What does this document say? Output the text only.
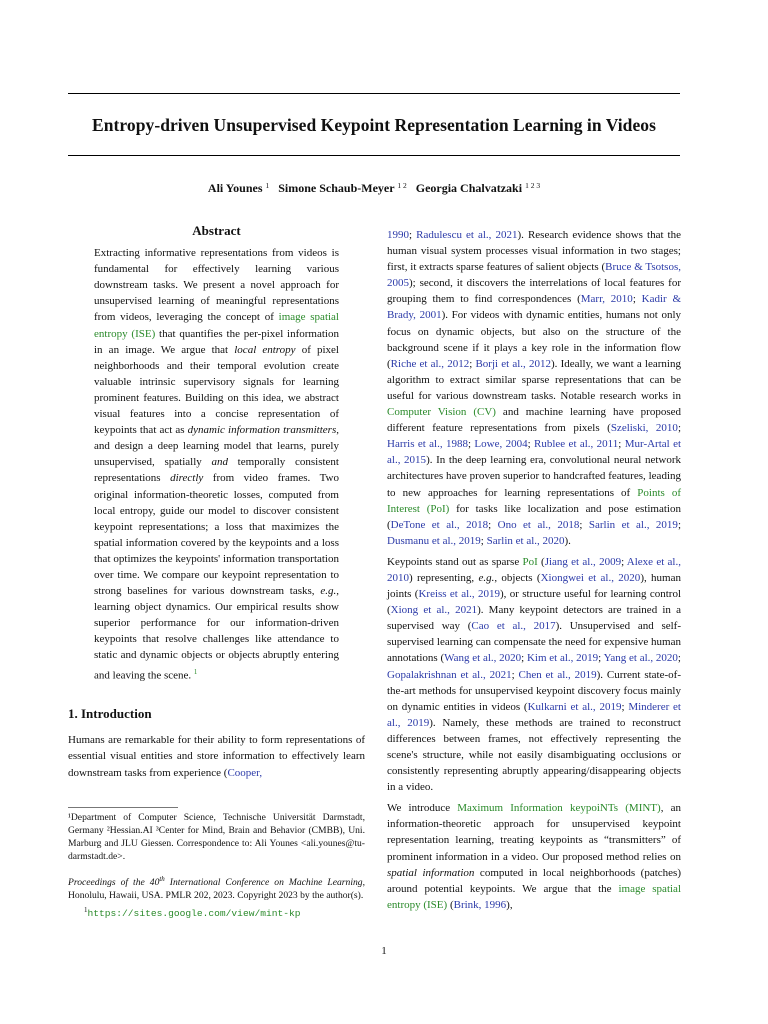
Entropy-driven Unsupervised Keypoint Representation Learning in Videos
Ali Younes $^1$ Simone Schaub-Meyer $^{1 2}$ Georgia Chalvatzaki $^{1 2 3}$
Abstract

Extracting informative representations from videos is fundamental for effectively learning various downstream tasks. We present a novel approach for unsupervised learning of meaningful representations from videos, leveraging the concept of image spatial entropy (ISE) that quantifies the per-pixel information in an image. We argue that local entropy of pixel neighborhoods and their temporal evolution create valuable intrinsic supervisory signals for learning prominent features. Building on this idea, we abstract visual features into a concise representation of keypoints that act as dynamic information transmitters, and design a deep learning model that learns, purely unsupervised, spatially and temporally consistent representations directly from video frames. Two original information-theoretic losses, computed from local entropy, guide our model to discover consistent keypoint representations; a loss that maximizes the spatial information covered by the keypoints and a loss that optimizes the keypoints' information transportation over time. We compare our keypoint representation to strong baselines for various downstream tasks, e.g., learning object dynamics. Our empirical results show superior performance for our information-driven keypoints that resolve challenges like attendance to static and dynamic objects or objects abruptly entering and leaving the scene. $^1$

1. Introduction

Humans are remarkable for their ability to form representations of essential visual entities and store information to effectively learn downstream tasks from experience (Cooper,

¹Department of Computer Science, Technische Universität Darmstadt, Germany ²Hessian.AI ³Center for Mind, Brain and Behavior (CMBB), Uni. Marburg and JLU Giessen. Correspondence to: Ali Younes <ali.younes@tu-darmstadt.de>.

Proceedings of the 40th International Conference on Machine Learning, Honolulu, Hawaii, USA. PMLR 202, 2023. Copyright 2023 by the author(s).

$^1$https://sites.google.com/view/mint-kp

1990; Radulescu et al., 2021). Research evidence shows that the human visual system processes visual information in two stages; first, it extracts sparse features of salient objects (Bruce & Tsotsos, 2005); second, it discovers the interrelations of local features for grouping them to find correspondences (Marr, 2010; Kadir & Brady, 2001). For videos with dynamic entities, humans not only focus on dynamic objects, but also on the structure of the background scene if it plays a key role in the information flow (Riche et al., 2012; Borji et al., 2012). Ideally, we want a learning algorithm to extract similar sparse representations that can be useful for various downstream tasks. Notable research works in Computer Vision (CV) and machine learning have proposed different feature representations from pixels (Szeliski, 2010; Harris et al., 1988; Lowe, 2004; Rublee et al., 2011; Mur-Artal et al., 2015). In the deep learning era, convolutional neural network architectures have proven superior to handcrafted features, leading to new approaches for learning representations of Points of Interest (PoI) for tasks like localization and pose estimation (DeTone et al., 2018; Ono et al., 2018; Sarlin et al., 2019; Dusmanu et al., 2019; Sarlin et al., 2020).

Keypoints stand out as sparse PoI (Jiang et al., 2009; Alexe et al., 2010) representing, e.g., objects (Xiongwei et al., 2020), human joints (Kreiss et al., 2019), or structure useful for learning control (Xiong et al., 2021). Many keypoint detectors are trained in a supervised way (Cao et al., 2017). Unsupervised and self-supervised learning can compensate the need for expensive human annotations (Wang et al., 2020; Kim et al., 2019; Yang et al., 2020; Gopalakrishnan et al., 2021; Chen et al., 2019). Current state-of-the-art methods for unsupervised keypoint discovery focus mainly on dynamic entities in videos (Kulkarni et al., 2019; Minderer et al., 2019). Namely, these methods are trained to reconstruct differences between frames, not effectively representing the scene's structure, while not easily disambiguating occlusions or consistently representing abruptly appearing/disappearing objects in a video.

We introduce Maximum Information keypoiNTs (MINT), an information-theoretic approach for unsupervised keypoint representation learning, treating keypoints as “transmitters” of prominent information in a video. Our proposed method relies on spatial information computed in local neighborhoods (patches) around potential keypoints. We argue that the image spatial entropy (ISE) (Brink, 1996),

1
